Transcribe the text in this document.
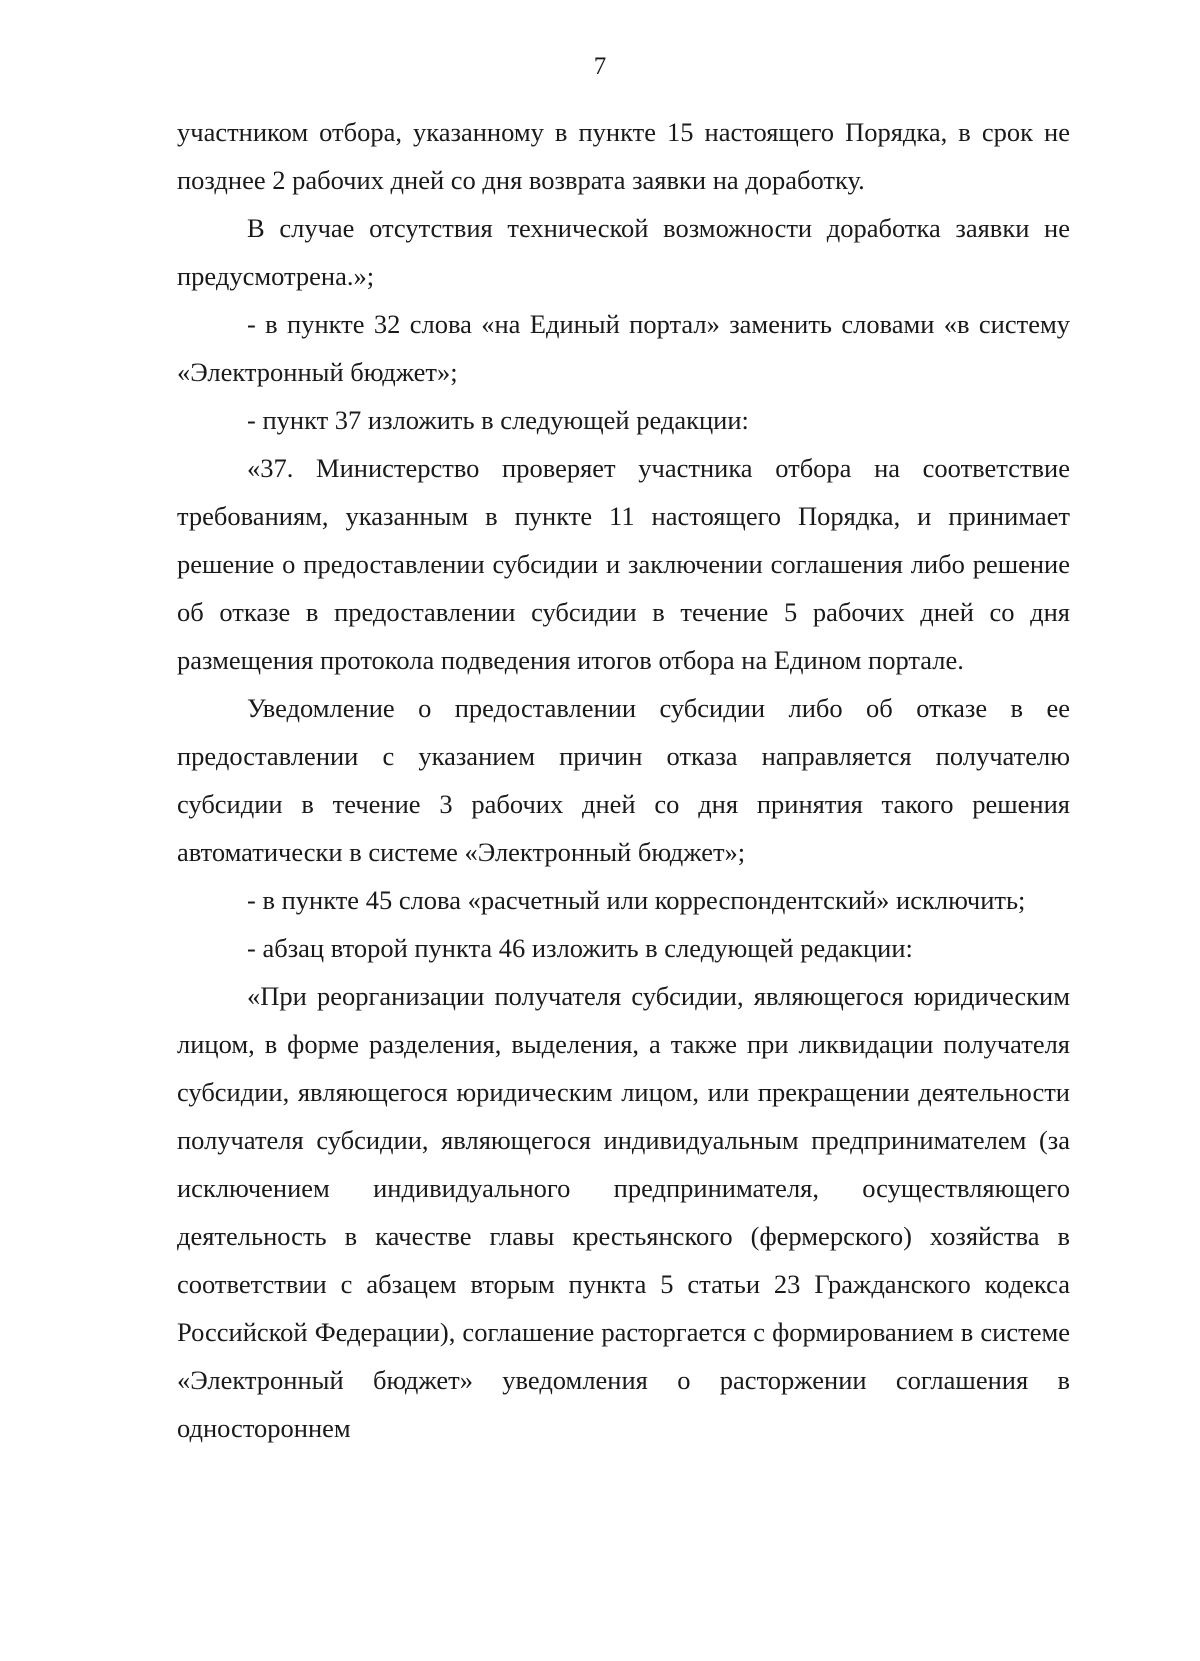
7

участником отбора, указанному в пункте 15 настоящего Порядка, в срок не позднее 2 рабочих дней со дня возврата заявки на доработку.

В случае отсутствия технической возможности доработка заявки не предусмотрена.»;

- в пункте 32 слова «на Единый портал» заменить словами «в систему «Электронный бюджет»;

- пункт 37 изложить в следующей редакции:

«37. Министерство проверяет участника отбора на соответствие требованиям, указанным в пункте 11 настоящего Порядка, и принимает решение о предоставлении субсидии и заключении соглашения либо решение об отказе в предоставлении субсидии в течение 5 рабочих дней со дня размещения протокола подведения итогов отбора на Едином портале.

Уведомление о предоставлении субсидии либо об отказе в ее предоставлении с указанием причин отказа направляется получателю субсидии в течение 3 рабочих дней со дня принятия такого решения автоматически в системе «Электронный бюджет»;

- в пункте 45 слова «расчетный или корреспондентский» исключить;

- абзац второй пункта 46 изложить в следующей редакции:

«При реорганизации получателя субсидии, являющегося юридическим лицом, в форме разделения, выделения, а также при ликвидации получателя субсидии, являющегося юридическим лицом, или прекращении деятельности получателя субсидии, являющегося индивидуальным предпринимателем (за исключением индивидуального предпринимателя, осуществляющего деятельность в качестве главы крестьянского (фермерского) хозяйства в соответствии с абзацем вторым пункта 5 статьи 23 Гражданского кодекса Российской Федерации), соглашение расторгается с формированием в системе «Электронный бюджет» уведомления о расторжении соглашения в одностороннем
